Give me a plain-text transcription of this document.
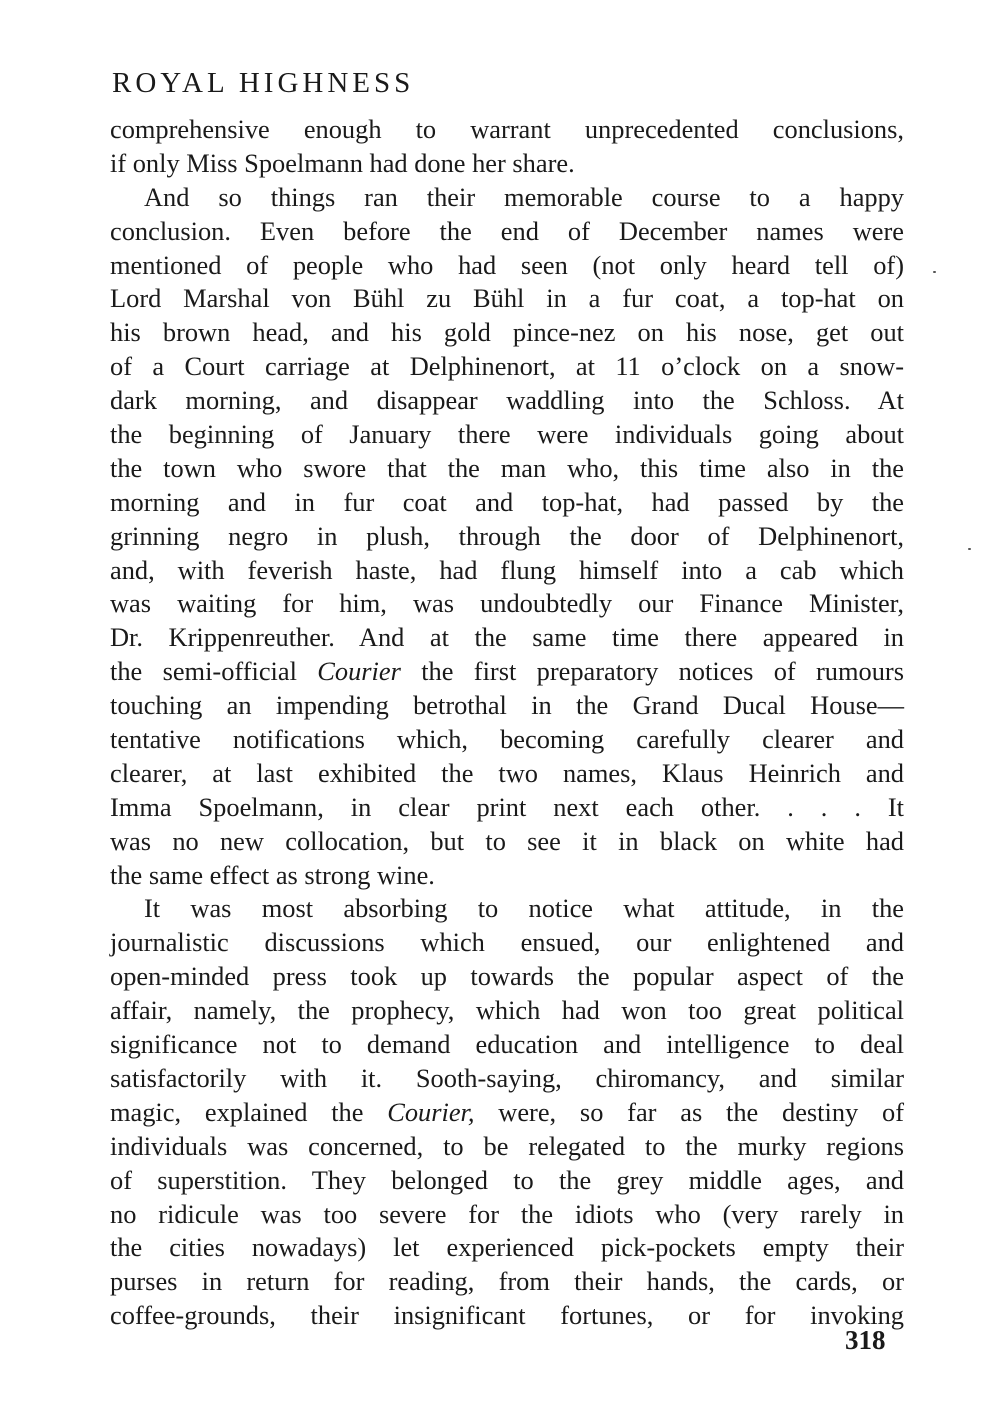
ROYAL HIGHNESS
comprehensive enough to warrant unprecedented conclusions,
if only Miss Spoelmann had done her share.
And so things ran their memorable course to a happy
conclusion. Even before the end of December names were
mentioned of people who had seen (not only heard tell of)
Lord Marshal von Bühl zu Bühl in a fur coat, a top-hat on
his brown head, and his gold pince-nez on his nose, get out
of a Court carriage at Delphinenort, at 11 o’clock on a snow-
dark morning, and disappear waddling into the Schloss. At
the beginning of January there were individuals going about
the town who swore that the man who, this time also in the
morning and in fur coat and top-hat, had passed by the
grinning negro in plush, through the door of Delphinenort,
and, with feverish haste, had flung himself into a cab which
was waiting for him, was undoubtedly our Finance Minister,
Dr. Krippenreuther. And at the same time there appeared in
the semi-official Courier the first preparatory notices of rumours
touching an impending betrothal in the Grand Ducal House—
tentative notifications which, becoming carefully clearer and
clearer, at last exhibited the two names, Klaus Heinrich and
Imma Spoelmann, in clear print next each other. . . . It
was no new collocation, but to see it in black on white had
the same effect as strong wine.
It was most absorbing to notice what attitude, in the
journalistic discussions which ensued, our enlightened and
open-minded press took up towards the popular aspect of the
affair, namely, the prophecy, which had won too great political
significance not to demand education and intelligence to deal
satisfactorily with it. Sooth-saying, chiromancy, and similar
magic, explained the Courier, were, so far as the destiny of
individuals was concerned, to be relegated to the murky regions
of superstition. They belonged to the grey middle ages, and
no ridicule was too severe for the idiots who (very rarely in
the cities nowadays) let experienced pick-pockets empty their
purses in return for reading, from their hands, the cards, or
coffee-grounds, their insignificant fortunes, or for invoking
318
